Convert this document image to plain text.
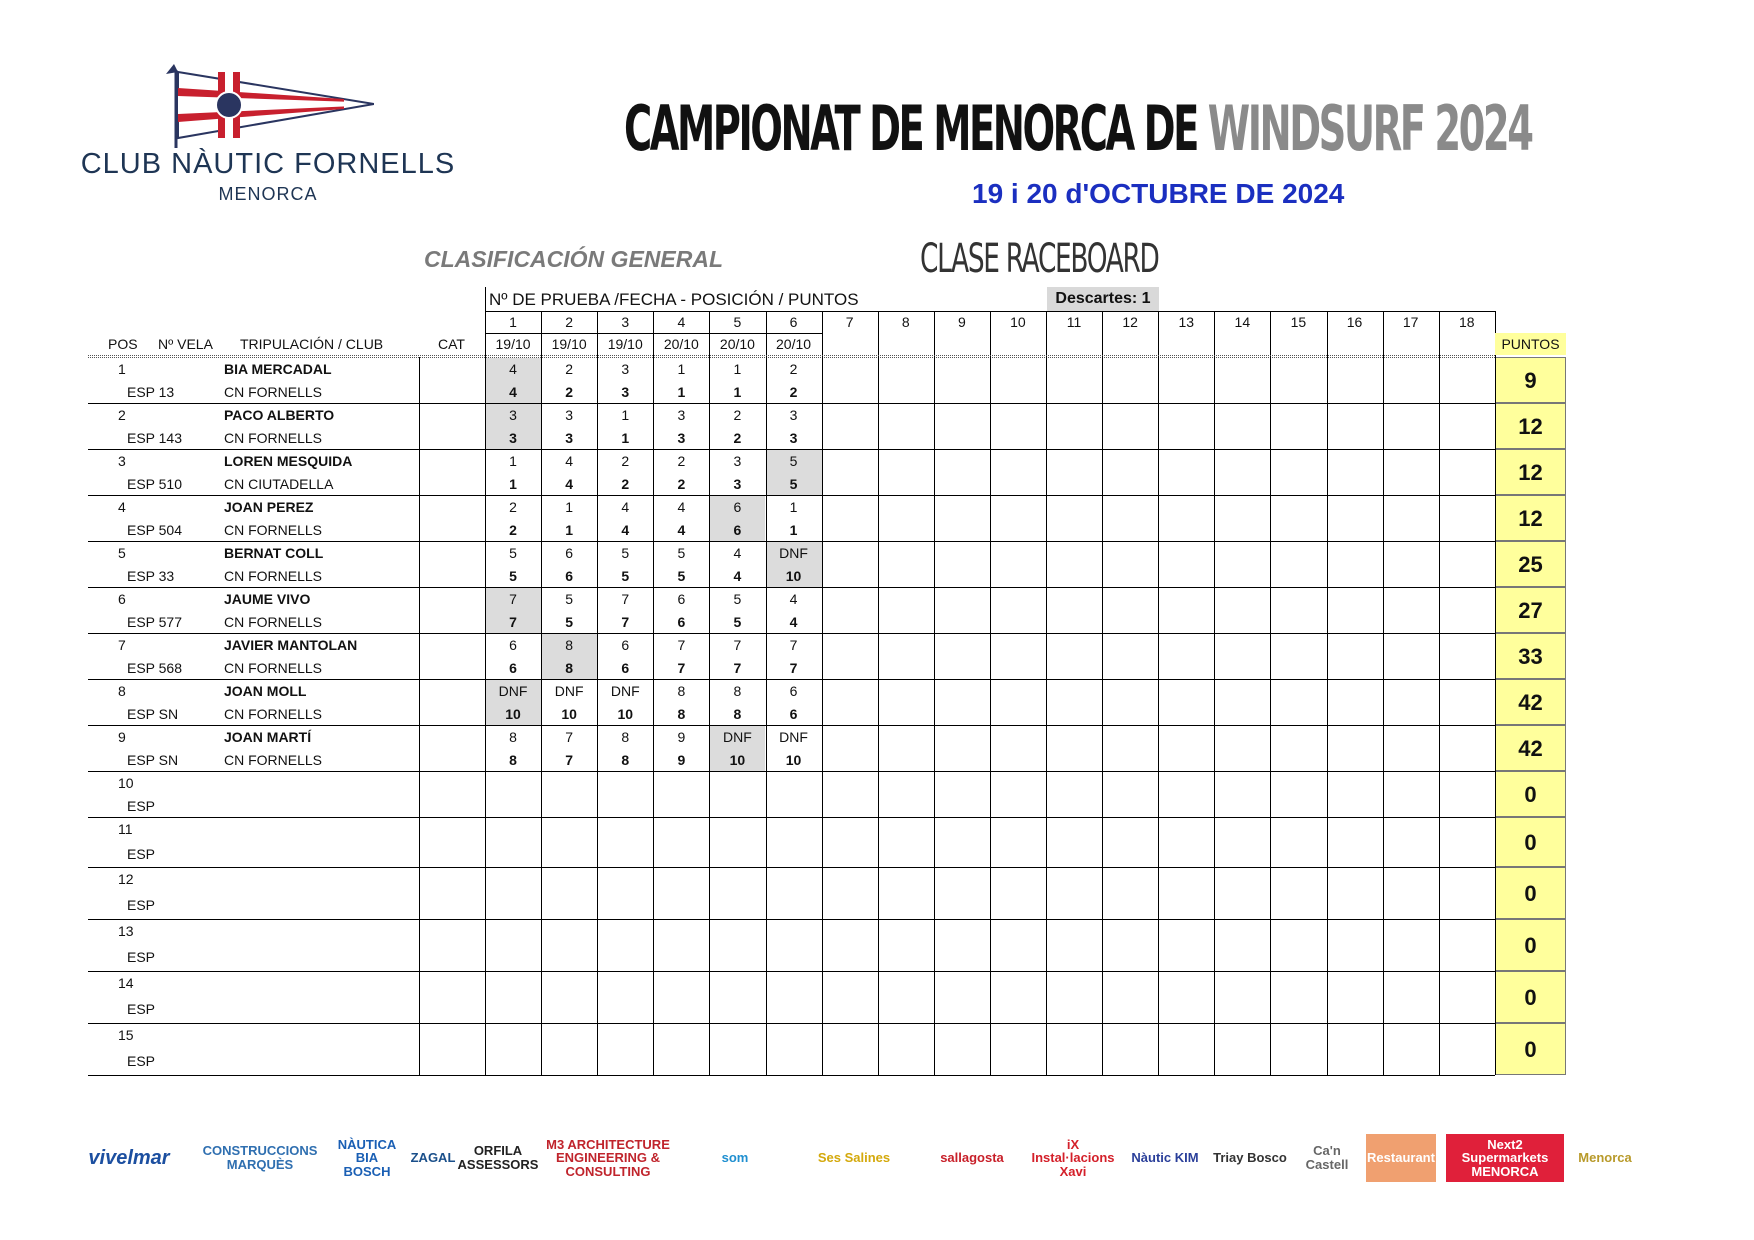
CLUB NÀUTIC FORNELLS
MENORCA
CAMPIONAT DE MENORCA DE WINDSURF 2024
19 i 20 d'OCTUBRE DE 2024
CLASIFICACIÓN GENERAL	CLASE RACEBOARD
Nº DE PRUEBA /FECHA - POSICIÓN / PUNTOS	Descartes: 1
POS Nº VELA TRIPULACIÓN / CLUB	CAT
1	2	3	4	5	6	7	8	9	10	11	12	13	14	15	16	17	18
19/10	19/10	19/10	20/10	20/10	20/10	PUNTOS
1
ESP 13
BIA MERCADAL
CN FORNELLS
4	2	3	1	1	2
4	2	3	1	1	2	9
2
ESP 143
PACO ALBERTO
CN FORNELLS
3	3	1	3	2	3
3	3	1	3	2	3	12
3
ESP 510
LOREN MESQUIDA
CN CIUTADELLA
1	4	2	2	3	5
1	4	2	2	3	5	12
4
ESP 504
JOAN PEREZ
CN FORNELLS
2	1	4	4	6	1
2	1	4	4	6	1	12
5
ESP 33
BERNAT COLL
CN FORNELLS
5	6	5	5	4	DNF
5	6	5	5	4	10	25
6
ESP 577
JAUME VIVO
CN FORNELLS
7	5	7	6	5	4
7	5	7	6	5	4	27
7
ESP 568
JAVIER MANTOLAN
CN FORNELLS
6	8	6	7	7	7
6	8	6	7	7	7	33
8
ESP SN
JOAN MOLL
CN FORNELLS
DNF	DNF	DNF	8	8	6
10	10	10	8	8	6	42
9
ESP SN
JOAN MARTÍ
CN FORNELLS
8	7	8	9	DNF	DNF
8	7	8	9	10	10	42
10
ESP	0
11
ESP	0
12
ESP	0
13
ESP	0
14
ESP	0
15
ESP	0
vivelmar	CONSTRUCCIONS MARQUÈS
NÀUTICA BIA BOSCH
ZAGAL	ORFILA ASSESSORS
M3 ARCHITECTURE ENGINEERING & CONSULTING
som	Ses Salines	sallagosta
iX Instal·lacions Xavi
Nàutic KIM Triay Bosco	Ca'n Castell	Restaurant
Next2 Supermarkets MENORCA
Menorca
